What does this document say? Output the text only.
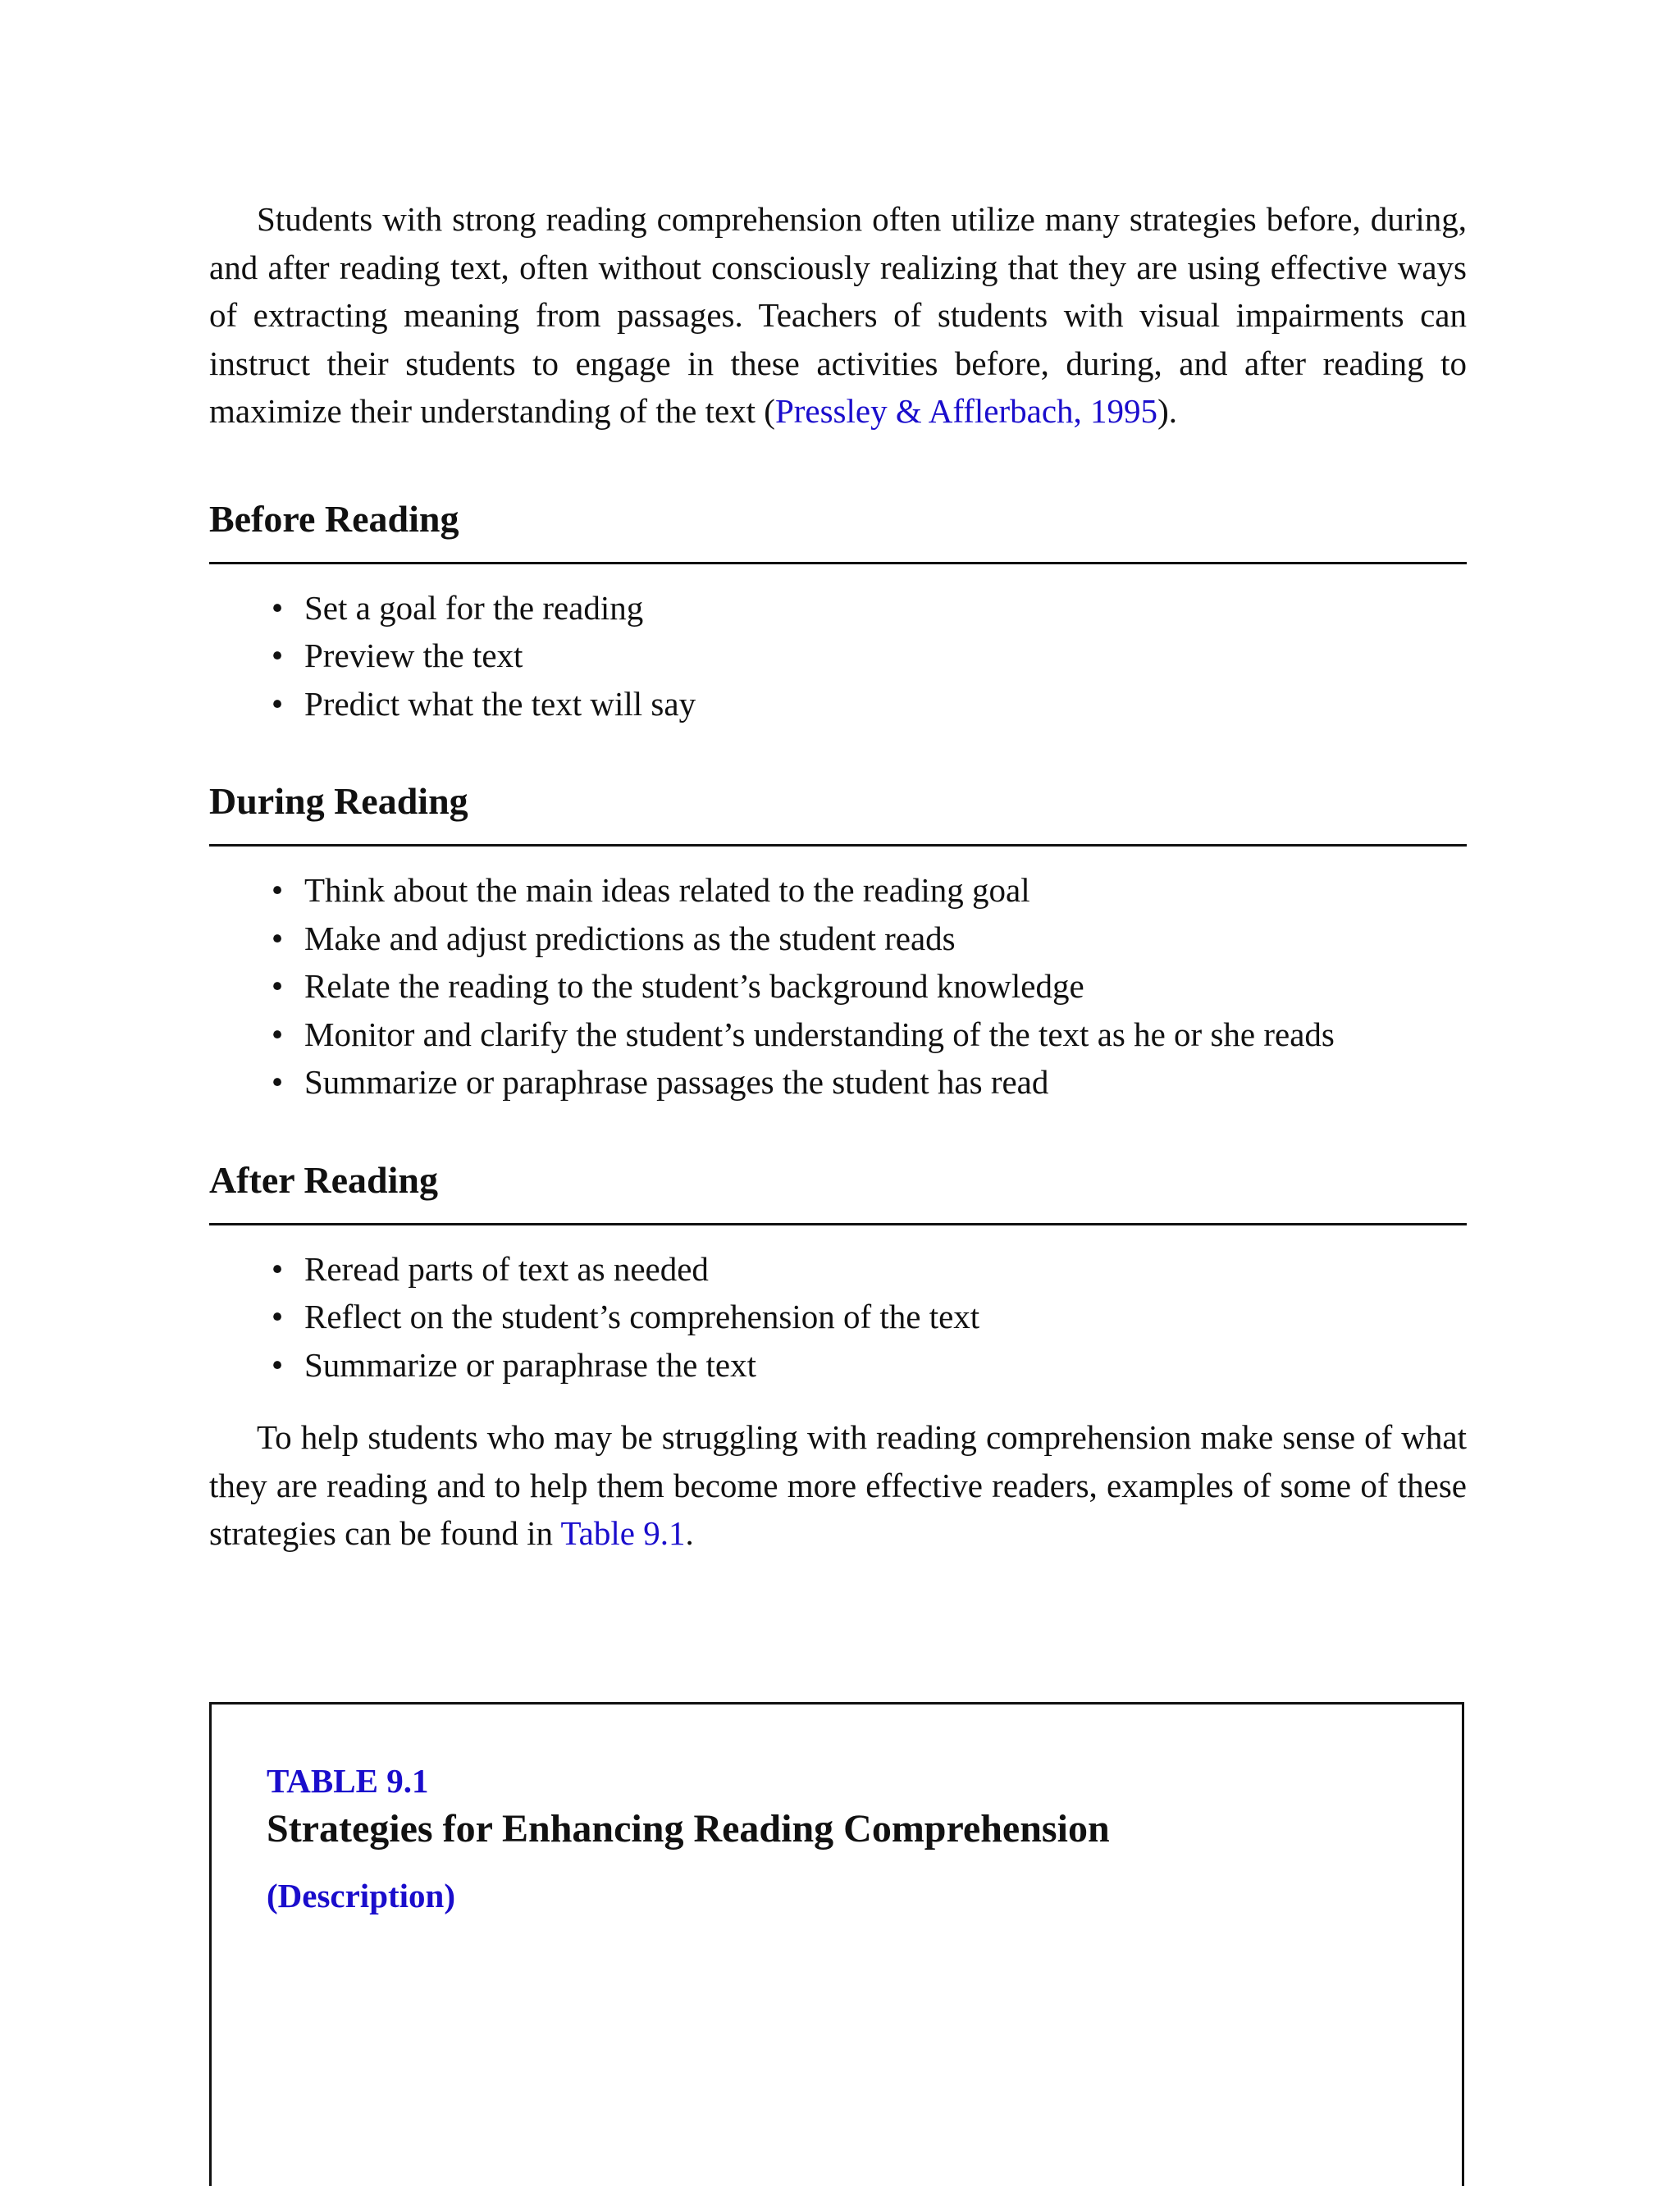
Students with strong reading comprehension often utilize many strategies before, during, and after reading text, often without consciously realizing that they are using effective ways of extracting meaning from passages. Teachers of students with visual impairments can instruct their students to engage in these activities before, during, and after reading to maximize their understanding of the text (Pressley & Afflerbach, 1995).

Before Reading
• Set a goal for the reading
• Preview the text
• Predict what the text will say
During Reading
• Think about the main ideas related to the reading goal
• Make and adjust predictions as the student reads
• Relate the reading to the student’s background knowledge
• Monitor and clarify the student’s understanding of the text as he or she reads
• Summarize or paraphrase passages the student has read
After Reading
• Reread parts of text as needed
• Reflect on the student’s comprehension of the text
• Summarize or paraphrase the text

To help students who may be struggling with reading comprehension make sense of what they are reading and to help them become more effective readers, examples of some of these strategies can be found in Table 9.1.

TABLE 9.1

Strategies for Enhancing Reading Comprehension

(Description)
